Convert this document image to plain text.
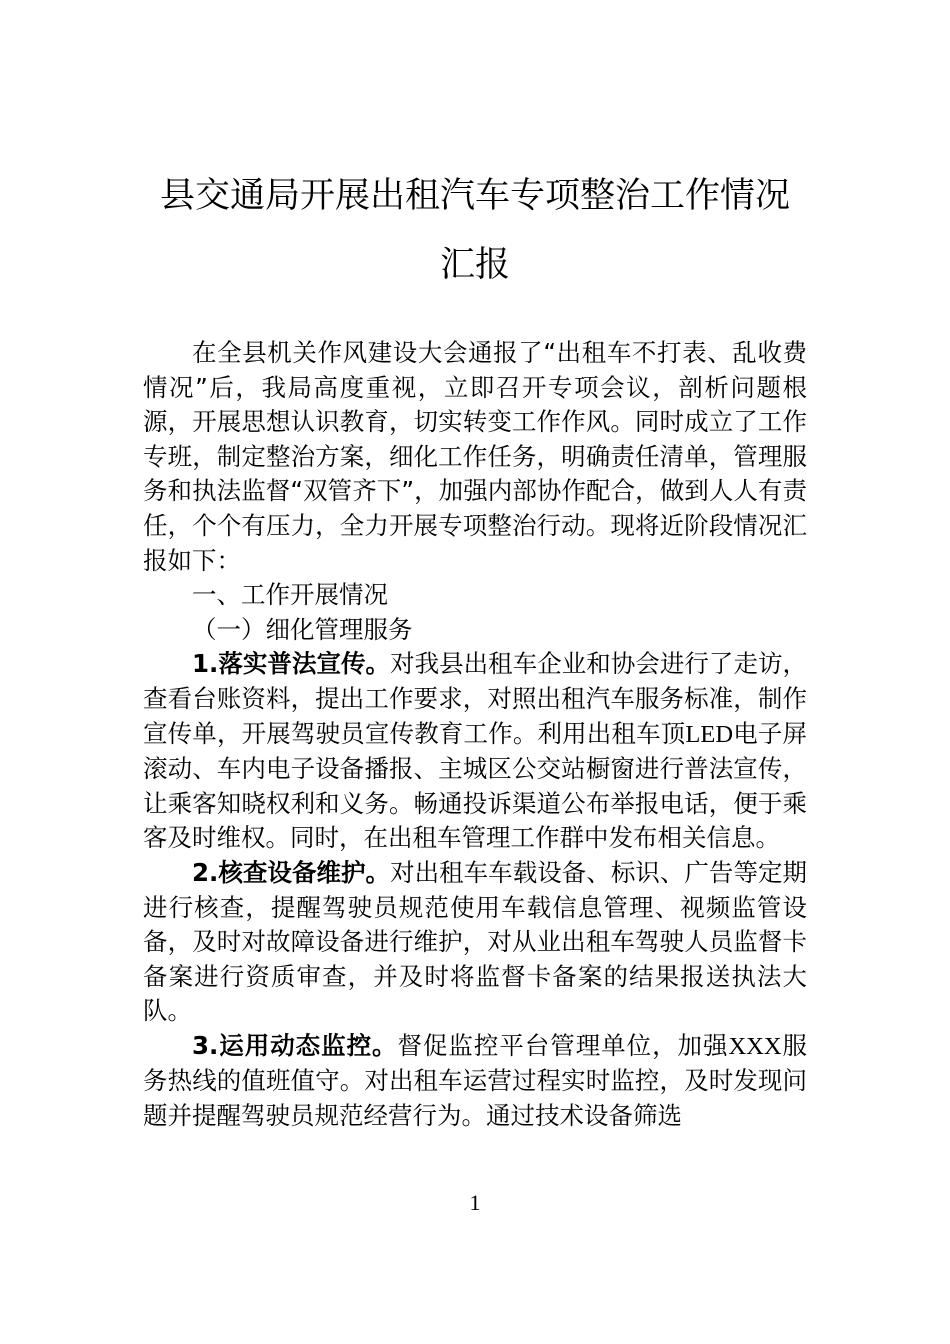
县交通局开展出租汽车专项整治工作情况
汇报

在全县机关作风建设大会通报了“出租车不打表、乱收费情况”后，我局高度重视，立即召开专项会议，剖析问题根源，开展思想认识教育，切实转变工作作风。同时成立了工作专班，制定整治方案，细化工作任务，明确责任清单，管理服务和执法监督“双管齐下”，加强内部协作配合，做到人人有责任，个个有压力，全力开展专项整治行动。现将近阶段情况汇报如下：

一、工作开展情况

（一）细化管理服务

1.落实普法宣传。对我县出租车企业和协会进行了走访，查看台账资料，提出工作要求，对照出租汽车服务标准，制作宣传单，开展驾驶员宣传教育工作。利用出租车顶LED电子屏滚动、车内电子设备播报、主城区公交站橱窗进行普法宣传，让乘客知晓权利和义务。畅通投诉渠道公布举报电话，便于乘客及时维权。同时，在出租车管理工作群中发布相关信息。

2.核查设备维护。对出租车车载设备、标识、广告等定期进行核查，提醒驾驶员规范使用车载信息管理、视频监管设备，及时对故障设备进行维护，对从业出租车驾驶人员监督卡备案进行资质审查，并及时将监督卡备案的结果报送执法大队。

3.运用动态监控。督促监控平台管理单位，加强XXX服务热线的值班值守。对出租车运营过程实时监控，及时发现问题并提醒驾驶员规范经营行为。通过技术设备筛选

1
